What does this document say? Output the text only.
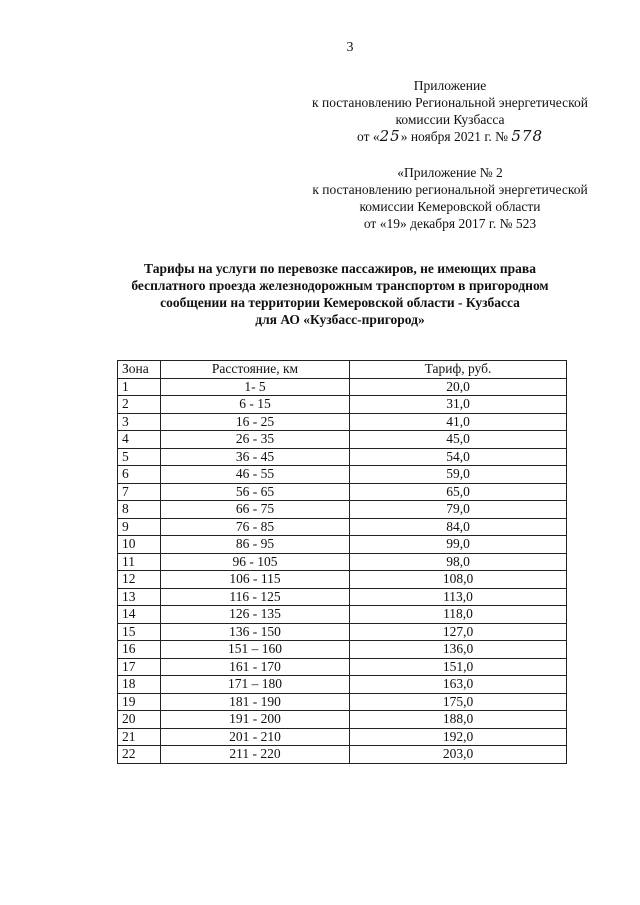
3
Приложение
к постановлению Региональной энергетической
комиссии Кузбасса
от «25» ноября 2021 г. № 578
«Приложение № 2
к постановлению региональной энергетической
комиссии Кемеровской области
от «19» декабря 2017 г. № 523
Тарифы на услуги по перевозке пассажиров, не имеющих права
бесплатного проезда железнодорожным транспортом в пригородном
сообщении на территории Кемеровской области - Кузбасса
для АО «Кузбасс-пригород»
Зона	Расстояние, км	Тариф, руб.
1	1- 5	20,0
2	6 - 15	31,0
3	16 - 25	41,0
4	26 - 35	45,0
5	36 - 45	54,0
6	46 - 55	59,0
7	56 - 65	65,0
8	66 - 75	79,0
9	76 - 85	84,0
10	86 - 95	99,0
11	96 - 105	98,0
12	106 - 115	108,0
13	116 - 125	113,0
14	126 - 135	118,0
15	136 - 150	127,0
16	151 – 160	136,0
17	161 - 170	151,0
18	171 – 180	163,0
19	181 - 190	175,0
20	191 - 200	188,0
21	201 - 210	192,0
22	211 - 220	203,0
